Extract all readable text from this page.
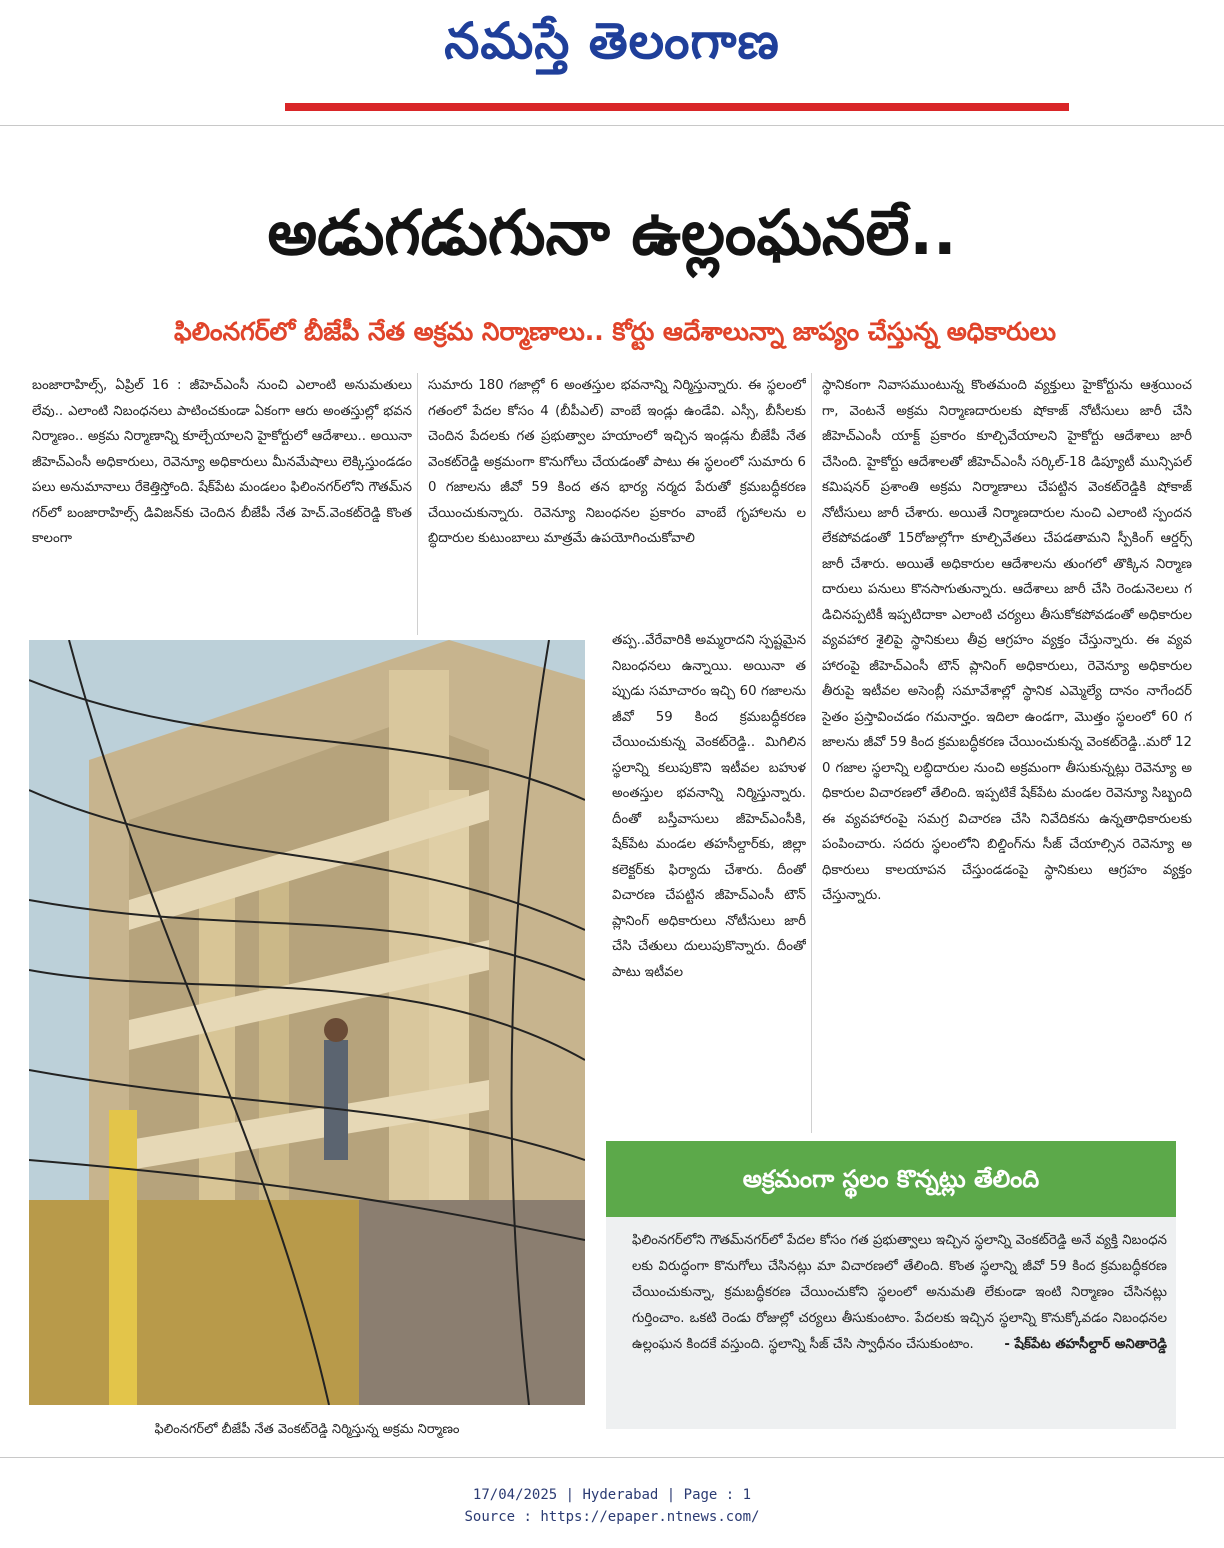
నమస్తే తెలంగాణ
అడుగడుగునా ఉల్లంఘనలే..
ఫిలింనగర్‌లో బీజేపీ నేత అక్రమ నిర్మాణాలు.. కోర్టు ఆదేశాలున్నా జాప్యం చేస్తున్న అధికారులు
బంజారాహిల్స్, ఏప్రిల్ 16 : జీహెచ్‌ఎంసీ నుంచి ఎలాంటి అనుమతులు లేవు.. ఎలాంటి నిబంధనలు పాటించకుండా ఏకంగా ఆరు అంతస్తుల్లో భవన నిర్మాణం.. అక్రమ నిర్మాణాన్ని కూల్చేయాలని హైకోర్టులో ఆదేశాలు.. అయినా జీహెచ్‌ఎంసీ అధికారులు, రెవెన్యూ అధికారులు మీనమేషాలు లెక్కిస్తుండడం పలు అనుమానాలు రేకెత్తిస్తోంది. షేక్‌పేట మండలం ఫిలింనగర్‌లోని గౌతమ్‌నగర్‌లో బంజారాహిల్స్ డివిజన్‌కు చెందిన బీజేపీ నేత హెచ్.వెంకట్‌రెడ్డి కొంతకాలంగా
సుమారు 180 గజాల్లో 6 అంతస్తుల భవనాన్ని నిర్మిస్తున్నారు. ఈ స్థలంలో గతంలో పేదల కోసం 4 (బీపీఎల్) వాంబే ఇండ్లు ఉండేవి. ఎస్సీ, బీసీలకు చెందిన పేదలకు గత ప్రభుత్వాల హయాంలో ఇచ్చిన ఇండ్లను బీజేపీ నేత వెంకట్‌రెడ్డి అక్రమంగా కొనుగోలు చేయడంతో పాటు ఈ స్థలంలో సుమారు 60 గజాలను జీవో 59 కింద తన భార్య నర్మద పేరుతో క్రమబద్ధీకరణ చేయించుకున్నారు. రెవెన్యూ నిబంధనల ప్రకారం వాంబే గృహాలను లబ్ధిదారుల కుటుంబాలు మాత్రమే ఉపయోగించుకోవాలి
తప్ప..వేరేవారికి అమ్మరాదని స్పష్టమైన నిబంధనలు ఉన్నాయి. అయినా తప్పుడు సమాచారం ఇచ్చి 60 గజాలను జీవో 59 కింద క్రమబద్ధీకరణ చేయించుకున్న వెంకట్‌రెడ్డి.. మిగిలిన స్థలాన్ని కలుపుకొని ఇటీవల బహుళ అంతస్తుల భవనాన్ని నిర్మిస్తున్నారు. దీంతో బస్తీవాసులు జీహెచ్‌ఎంసీకి, షేక్‌పేట మండల తహసీల్దార్‌కు, జిల్లా కలెక్టర్‌కు ఫిర్యాదు చేశారు. దీంతో విచారణ చేపట్టిన జీహెచ్‌ఎంసీ టౌన్ ప్లానింగ్ అధికారులు నోటీసులు జారీ చేసి చేతులు దులుపుకొన్నారు. దీంతో పాటు ఇటీవల
స్థానికంగా నివాసముంటున్న కొంతమంది వ్యక్తులు హైకోర్టును ఆశ్రయించగా, వెంటనే అక్రమ నిర్మాణదారులకు షోకాజ్ నోటీసులు జారీ చేసి జీహెచ్‌ఎంసీ యాక్ట్ ప్రకారం కూల్చివేయాలని హైకోర్టు ఆదేశాలు జారీ చేసింది. హైకోర్టు ఆదేశాలతో జీహెచ్‌ఎంసీ సర్కిల్-18 డిప్యూటీ మున్సిపల్ కమిషనర్ ప్రశాంతి అక్రమ నిర్మాణాలు చేపట్టిన వెంకట్‌రెడ్డికి షోకాజ్ నోటీసులు జారీ చేశారు. అయితే నిర్మాణదారుల నుంచి ఎలాంటి స్పందన లేకపోవడంతో 15రోజుల్లోగా కూల్చివేతలు చేపడతామని స్పీకింగ్ ఆర్డర్స్ జారీ చేశారు. అయితే అధికారుల ఆదేశాలను తుంగలో తొక్కిన నిర్మాణదారులు పనులు కొనసాగుతున్నారు. ఆదేశాలు జారీ చేసి రెండునెలలు గడిచినప్పటికీ ఇప్పటిదాకా ఎలాంటి చర్యలు తీసుకోకపోవడంతో అధికారుల వ్యవహార శైలిపై స్థానికులు తీవ్ర ఆగ్రహం వ్యక్తం చేస్తున్నారు. ఈ వ్యవహారంపై జీహెచ్‌ఎంసీ టౌన్ ప్లానింగ్ అధికారులు, రెవెన్యూ అధికారుల తీరుపై ఇటీవల అసెంబ్లీ సమావేశాల్లో స్థానిక ఎమ్మెల్యే దానం నాగేందర్ సైతం ప్రస్తావించడం గమనార్హం. ఇదిలా ఉండగా, మొత్తం స్థలంలో 60 గజాలను జీవో 59 కింద క్రమబద్ధీకరణ చేయించుకున్న వెంకట్‌రెడ్డి..మరో 120 గజాల స్థలాన్ని లబ్ధిదారుల నుంచి అక్రమంగా తీసుకున్నట్లు రెవెన్యూ అధికారుల విచారణలో తేలింది. ఇప్పటికే షేక్‌పేట మండల రెవెన్యూ సిబ్బంది ఈ వ్యవహారంపై సమగ్ర విచారణ చేసి నివేదికను ఉన్నతాధికారులకు పంపించారు. సదరు స్థలంలోని బిల్డింగ్‌ను సీజ్ చేయాల్సిన రెవెన్యూ అధికారులు కాలయాపన చేస్తుండడంపై స్థానికులు ఆగ్రహం వ్యక్తం చేస్తున్నారు.
ఫిలింనగర్‌లో బీజేపీ నేత వెంకట్‌రెడ్డి నిర్మిస్తున్న అక్రమ నిర్మాణం
అక్రమంగా స్థలం కొన్నట్లు తేలింది
ఫిలింనగర్‌లోని గౌతమ్‌నగర్‌లో పేదల కోసం గత ప్రభుత్వాలు ఇచ్చిన స్థలాన్ని వెంకట్‌రెడ్డి అనే వ్యక్తి నిబంధనలకు విరుద్ధంగా కొనుగోలు చేసినట్లు మా విచారణలో తేలింది. కొంత స్థలాన్ని జీవో 59 కింద క్రమబద్ధీకరణ చేయించుకున్నా, క్రమబద్ధీకరణ చేయించుకోని స్థలంలో అనుమతి లేకుండా ఇంటి నిర్మాణం చేసినట్లు గుర్తించాం. ఒకటి రెండు రోజుల్లో చర్యలు తీసుకుంటాం. పేదలకు ఇచ్చిన స్థలాన్ని కొనుక్కోవడం నిబంధనల ఉల్లంఘన కిందకే వస్తుంది. స్థలాన్ని సీజ్ చేసి స్వాధీనం చేసుకుంటాం. - షేక్‌పేట తహసీల్దార్ అనితారెడ్డి
17/04/2025 | Hyderabad | Page : 1
Source : https://epaper.ntnews.com/
